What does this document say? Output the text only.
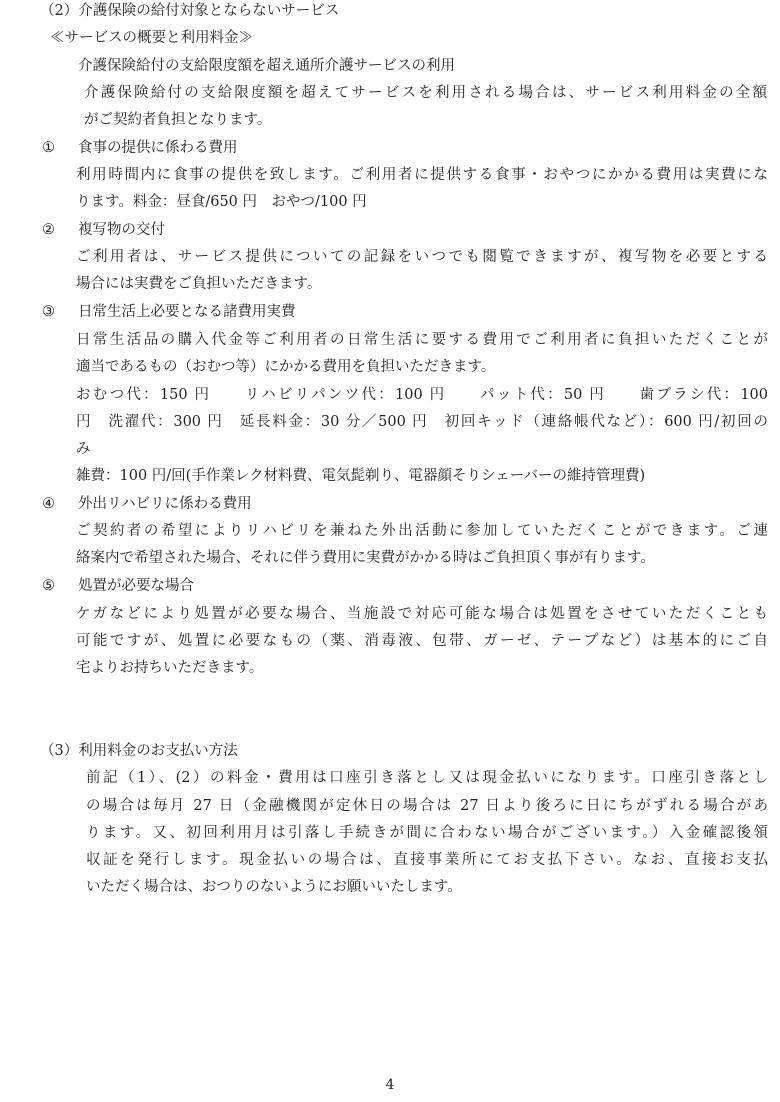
（2）介護保険の給付対象とならないサービス
≪サービスの概要と利用料金≫
介護保険給付の支給限度額を超え通所介護サービスの利用
介護保険給付の支給限度額を超えてサービスを利用される場合は、サービス利用料金の全額
がご契約者負担となります。
① 食事の提供に係わる費用
利用時間内に食事の提供を致します。ご利用者に提供する食事・おやつにかかる費用は実費にな
ります。料金：昼食/650 円　おやつ/100 円
② 複写物の交付
ご利用者は、サービス提供についての記録をいつでも閲覧できますが、複写物を必要とする
場合には実費をご負担いただきます。
③ 日常生活上必要となる諸費用実費
日常生活品の購入代金等ご利用者の日常生活に要する費用でご利用者に負担いただくことが
適当であるもの（おむつ等）にかかる費用を負担いただきます。
おむつ代：150 円　　リハビリパンツ代：100 円　　パット代：50 円　　歯ブラシ代：100
円　洗濯代：300 円　延長料金：30 分／500 円　初回キッド（連絡帳代など）：600 円/初回の
み
雑費：100 円/回(手作業レク材料費、電気髭剃り、電器顔そりシェーバーの維持管理費)
④ 外出リハビリに係わる費用
ご契約者の希望によりリハビリを兼ねた外出活動に参加していただくことができます。ご連
絡案内で希望された場合、それに伴う費用に実費がかかる時はご負担頂く事が有ります。
⑤ 処置が必要な場合
ケガなどにより処置が必要な場合、当施設で対応可能な場合は処置をさせていただくことも
可能ですが、処置に必要なもの（薬、消毒液、包帯、ガーゼ、テープなど）は基本的にご自
宅よりお持ちいただきます。
（3）利用料金のお支払い方法
前記（1）、(2）の料金・費用は口座引き落とし又は現金払いになります。口座引き落とし
の場合は毎月 27 日（金融機関が定休日の場合は 27 日より後ろに日にちがずれる場合があ
ります。又、初回利用月は引落し手続きが間に合わない場合がございます。）入金確認後領
収証を発行します。現金払いの場合は、直接事業所にてお支払下さい。なお、直接お支払
いただく場合は、おつりのないようにお願いいたします。
4
